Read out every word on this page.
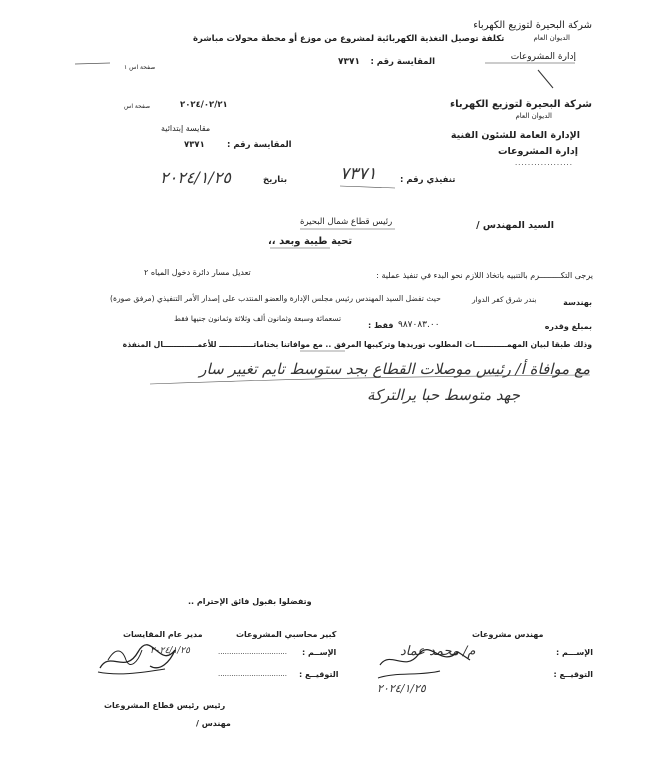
شركة البحيرة لتوزيع الكهرباء
الديوان العام
إدارة المشروعات
تكلفة توصيل التغذية الكهربائية لمشروع من موزع أو محطة محولات مباشرة
المقايسة رقم :
٧٣٧١
صفحة اس ١
شركة البحيرة لتوزيع الكهرباء
الديوان العام
الإدارة العامة للشئون الفنية
إدارة المشروعات
..................
٢٠٢٤/٠٢/٢١
صفحة اس
مقايسة إبتدائية
المقايسة رقم :
٧٣٧١
تنفيذي رقم :
٧٣٧١
بتاريخ
٢٠٢٤/١/٢٥
السيد المهندس /
رئيس قطاع شمال البحيرة
تحية طيبة وبعد ،،
يرجى التكـــــــــرم بالتنبيه باتخاذ اللازم نحو البدء في تنفيذ عملية :
تعديل مسار دائرة دخول المياه ٢
بهندسة
بندر شرق كفر الدوار
حيث تفضل السيد المهندس رئيس مجلس الإدارة والعضو المنتدب على إصدار الأمر التنفيذي (مرفق صورة)
بمبلغ وقدره
٩٨٧٠٨٣.٠٠
فقط :
تسعمائة وسبعة وثمانون ألف وثلاثة وثمانون جنيها فقط
وذلك طبقا لبيان المهمــــــــــــات المطلوب توريدها وتركيبها المرفق .. مع موافاتنا بختاماتـــــــــــــ للأعمـــــــــــــال المنفذة
مع موافاة أ/ رئيس موصلات القطاع بجد ستوسط تايم تغيير سار
جهد متوسط حبا يرالتركة
وتفضلوا بقبول فائق الإحترام ..
مهندس مشروعات
الإســـم :
م/ محمد عماد
التوقيــع :
٢٠٢٤/١/٢٥
كبير محاسبي المشروعات
الإســم :
...............................
التوقيــع :
...............................
مدير عام المقايسات
٢٠٢٤/١/٢٥
رئيس
مهندس /
رئيس قطاع المشروعات
